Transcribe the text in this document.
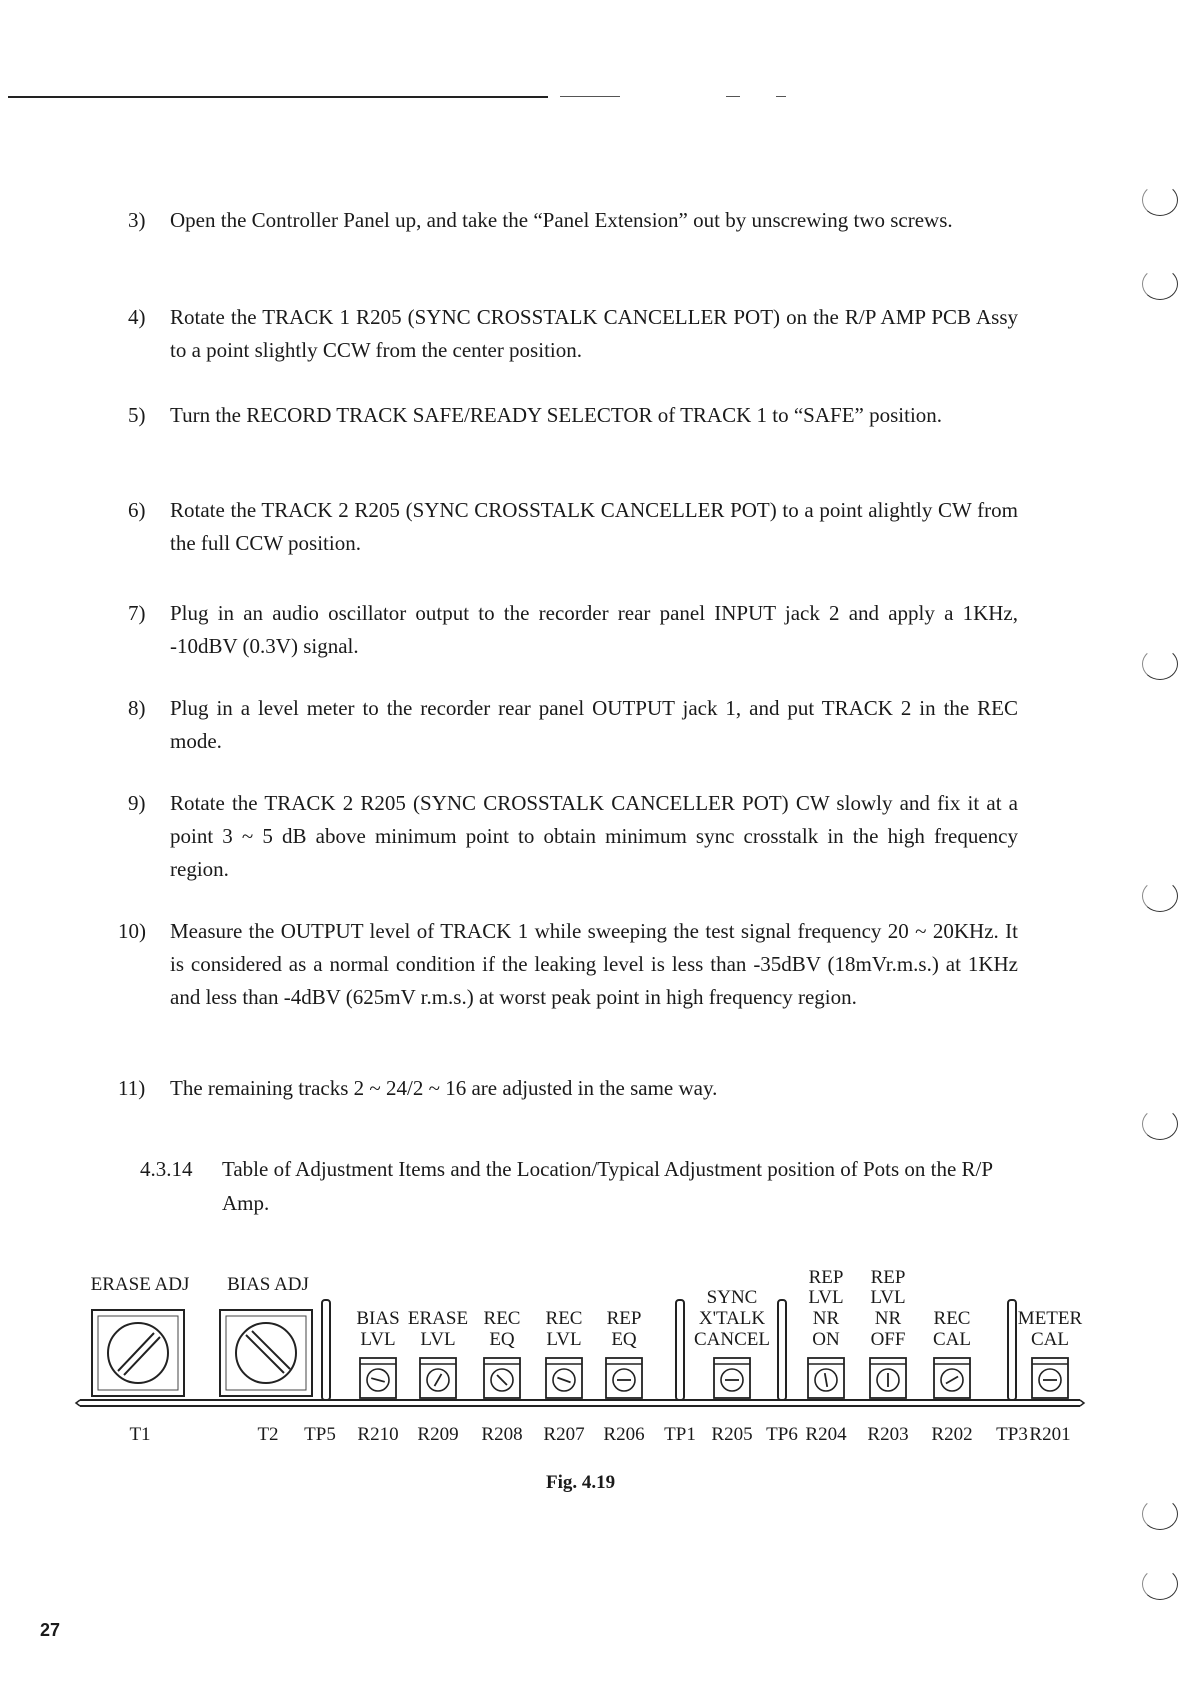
3)	Open the Controller Panel up, and take the “Panel Extension” out by unscrewing two screws.
4)	Rotate the TRACK 1 R205 (SYNC CROSSTALK CANCELLER POT) on the R/P AMP PCB Assy to a point slightly CCW from the center position.
5)	Turn the RECORD TRACK SAFE/READY SELECTOR of TRACK 1 to “SAFE” position.
6)	Rotate the TRACK 2 R205 (SYNC CROSSTALK CANCELLER POT) to a point alightly CW from the full CCW position.
7)	Plug in an audio oscillator output to the recorder rear panel INPUT jack 2 and apply a 1KHz, -10dBV (0.3V) signal.
8)	Plug in a level meter to the recorder rear panel OUTPUT jack 1, and put TRACK 2 in the REC mode.
9)	Rotate the TRACK 2 R205 (SYNC CROSSTALK CANCELLER POT) CW slowly and fix it at a point 3 ~ 5 dB above minimum point to obtain minimum sync crosstalk in the high frequency region.
10)	Measure the OUTPUT level of TRACK 1 while sweeping the test signal frequency 20 ~ 20KHz. It is considered as a normal condition if the leaking level is less than -35dBV (18mVr.m.s.) at 1KHz and less than -4dBV (625mV r.m.s.) at worst peak point in high frequency region.
11)	The remaining tracks 2 ~ 24/2 ~ 16 are adjusted in the same way.
4.3.14 Table of Adjustment Items and the Location/Typical Adjustment position of Pots on the R/P Amp.
ERASE ADJ
T1
BIAS ADJ
T2 TP5	TP1	TP6	TP3
BIAS
LVL
R210
ERASE
LVL
R209
REC
EQ
R208
REC
LVL
R207
REP
EQ
R206
SYNC
X'TALK
CANCEL
R205
REP
LVL
NR
ON
R204
REP
LVL
NR
OFF
R203
REC
CAL
R202
METER
CAL
R201
Fig. 4.19
27
